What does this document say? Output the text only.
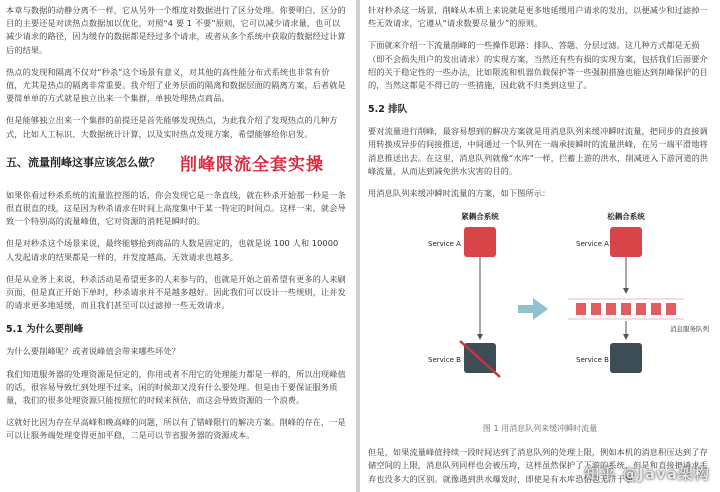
本章与数据的动静分离不一样，它从另外一个维度对数据进行了区分处理。你要明白，区分的目的主要还是对读热点数据加以优化，对照“4 要 1 不要”原则，它可以减少请求量，也可以减少请求的路径，因为缓存的数据都是经过多个请求，或者从多个系统中获取的数据经过计算后的结果。

热点的发现和隔离不仅对“秒杀”这个场景有意义，对其他的高性能分布式系统也非常有价值，尤其是热点的隔离非常重要。我介绍了业务层面的隔离和数据层面的隔离方案，后者就是要简单单的方式就是独立出来一个集群，单独处理热点商品。

但是能够独立出来一个集群的前提还是首先能够发现热点，为此我介绍了发现热点的几种方式，比如人工标识、大数据统计计算，以及实时热点发现方案，希望能够给你启发。

五、流量削峰这事应该怎么做？ 削峰限流全套实操

如果你看过秒杀系统的流量监控图的话，你会发现它是一条直线，就在秒杀开始那一秒是一条很直很直的线，这是因为秒杀请求在时间上高度集中于某一特定的时间点。这样一来，就会导致一个特别高的流量峰值，它对资源的消耗是瞬时的。

但是对秒杀这个场景来说，最终能够抢到商品的人数是固定的，也就是说 100 人和 10000 人发起请求的结果都是一样的，并发度越高，无效请求也越多。

但是从业务上来说，秒杀活动是希望更多的人来参与的，也就是开始之前希望有更多的人来刷页面，但是真正开始下单时，秒杀请求并不是越多越好。因此我们可以设计一些规则，让并发的请求更多地延缓，而且我们甚至可以过滤掉一些无效请求。

5.1 为什么要削峰

为什么要削峰呢？或者说峰值会带来哪些坏处？

我们知道服务器的处理资源是恒定的，你用或者不用它的处理能力都是一样的，所以出现峰值的话，很容易导致忙到处理不过来，闲的时候却又没有什么要处理。但是由于要保证服务质量，我们的很多处理资源只能按照忙的时候来预估，而这会导致资源的一个浪费。

这就好比因为存在早高峰和晚高峰的问题，所以有了错峰限行的解决方案。削峰的存在，一是可以让服务端处理变得更加平稳，二是可以节省服务器的资源成本。

针对秒杀这一场景，削峰从本质上来说就是更多地延缓用户请求的发出，以便减少和过滤掉一些无效请求，它遵从“请求数要尽量少”的原则。

下面就来介绍一下流量削峰的一些操作思路：排队、答题、分层过滤。这几种方式都是无损（即不会损失用户的发出请求）的实现方案，当然还有些有损的实现方案，包括我们后面要介绍的关于稳定性的一些办法，比如限流和机器负载保护等一些强制措施也能达到削峰保护的目的，当然这都是不得已的一些措施，因此就不归类到这里了。

5.2 排队

要对流量进行削峰，最容易想到的解决方案就是用消息队列来缓冲瞬时流量，把同步的直接调用转换成异步的间接推送，中间通过一个队列在一端承接瞬时的流量洪峰，在另一端平滑地将消息推送出去。在这里，消息队列就像“水库”一样，拦蓄上游的洪水，削减进入下游河道的洪峰流量，从而达到减免洪水灾害的目的。

用消息队列来缓冲瞬时流量的方案，如下图所示：

紧耦合系统
Service A
Service B
松耦合系统
Service A
消息服务队列
Service B
图 1 用消息队列来缓冲瞬时流量

但是，如果流量峰值持续一段时间达到了消息队列的处理上限，例如本机的消息积压达到了存储空间的上限，消息队列同样也会被压垮，这样虽然保护了下游的系统，但是和直接把请求丢弃也没多大的区别。就像遇到洪水爆发时，即使是有水库恐怕也无济于事。

知乎 @Java架构
